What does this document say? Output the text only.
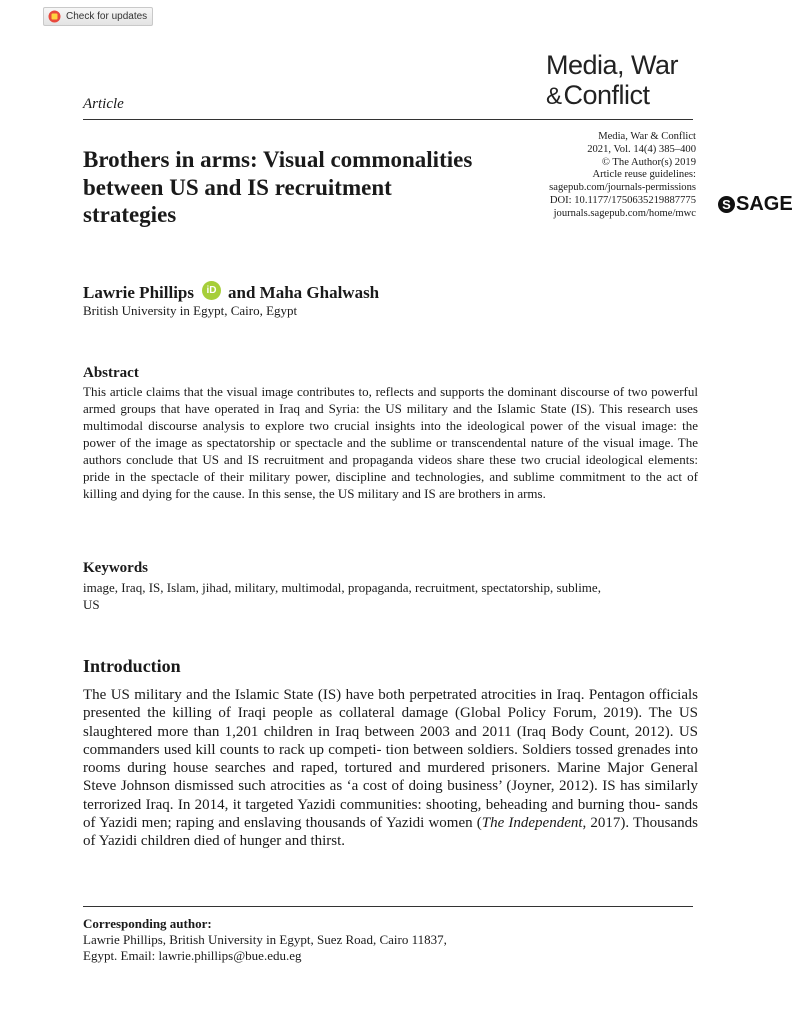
Check for updates
Media, War
&Conflict
Article
Media, War & Conflict
2021, Vol. 14(4) 385–400
© The Author(s) 2019
Article reuse guidelines:
sagepub.com/journals-permissions
DOI: 10.1177/1750635219887775
journals.sagepub.com/home/mwc
S SAGE
Brothers in arms: Visual commonalities between US and IS recruitment strategies
Lawrie Phillips	iD and Maha Ghalwash
British University in Egypt, Cairo, Egypt
Abstract

This article claims that the visual image contributes to, reflects and supports the dominant discourse of two powerful armed groups that have operated in Iraq and Syria: the US military and the Islamic State (IS). This research uses multimodal discourse analysis to explore two crucial insights into the ideological power of the visual image: the power of the image as spectatorship or spectacle and the sublime or transcendental nature of the visual image. The authors conclude that US and IS recruitment and propaganda videos share these two crucial ideological elements: pride in the spectacle of their military power, discipline and technologies, and sublime commitment to the act of killing and dying for the cause. In this sense, the US military and IS are brothers in arms.

Keywords
image, Iraq, IS, Islam, jihad, military, multimodal, propaganda, recruitment, spectatorship, sublime, US
Introduction

The US military and the Islamic State (IS) have both perpetrated atrocities in Iraq. Pentagon officials presented the killing of Iraqi people as collateral damage (Global Policy Forum, 2019). The US slaughtered more than 1,201 children in Iraq between 2003 and 2011 (Iraq Body Count, 2012). US commanders used kill counts to rack up competi- tion between soldiers. Soldiers tossed grenades into rooms during house searches and raped, tortured and murdered prisoners. Marine Major General Steve Johnson dismissed such atrocities as ‘a cost of doing business’ (Joyner, 2012). IS has similarly terrorized Iraq. In 2014, it targeted Yazidi communities: shooting, beheading and burning thou- sands of Yazidi men; raping and enslaving thousands of Yazidi women (The Independent, 2017). Thousands of Yazidi children died of hunger and thirst.

Corresponding author:
Lawrie Phillips, British University in Egypt, Suez Road, Cairo 11837,
Egypt. Email: lawrie.phillips@bue.edu.eg
